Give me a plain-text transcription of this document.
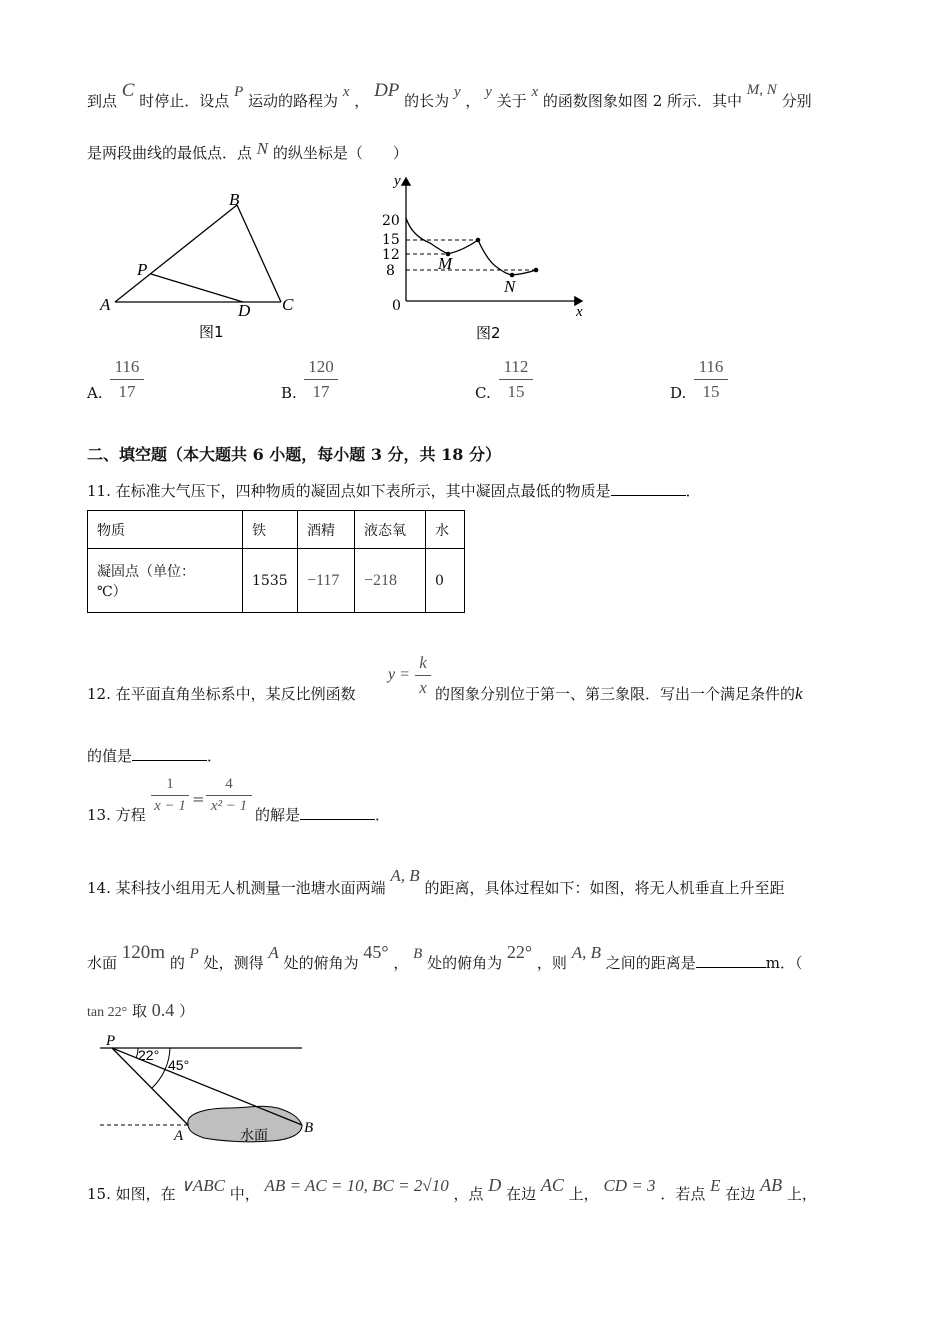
到点 C 时停止．设点 P 运动的路程为 x ， DP 的长为 y ， y 关于 x 的函数图象如图 2 所示．其中 M, N 分别
是两段曲线的最低点．点 N 的纵坐标是（　　）
A
B
C
D
P
图1
y
x
0
20
15
12
8	M
N
图2
A.
116
17	B.
120
17	C.
112
15	D.
116
15
二、填空题（本大题共 6 小题，每小题 3 分，共 18 分）
11. 在标准大气压下，四种物质的凝固点如下表所示，其中凝固点最低的物质是	．
物质	铁	酒精	液态氧	水

凝固点（单位：
℃）	1535	−117	−218	0
12. 在平面直角坐标系中，某反比例函数
y =
k
x 的图象分别位于第一、第三象限．写出一个满足条件的k
的值是	．
13. 方程
1
x − 1 =
4
x² − 1 的解是	．
14. 某科技小组用无人机测量一池塘水面两端 A, B 的距离，具体过程如下：如图，将无人机垂直上升至距
水面 120m 的 P 处，测得 A 处的俯角为 45° ， B 处的俯角为 22° ，则 A, B 之间的距离是	m．（
tan 22° 取 0.4 ）
P
A	B
22°
45°
水面
15. 如图，在 ∨ABC 中， AB = AC = 10, BC = 2√10 ，点 D 在边 AC 上， CD = 3 ．若点 E 在边 AB 上，
